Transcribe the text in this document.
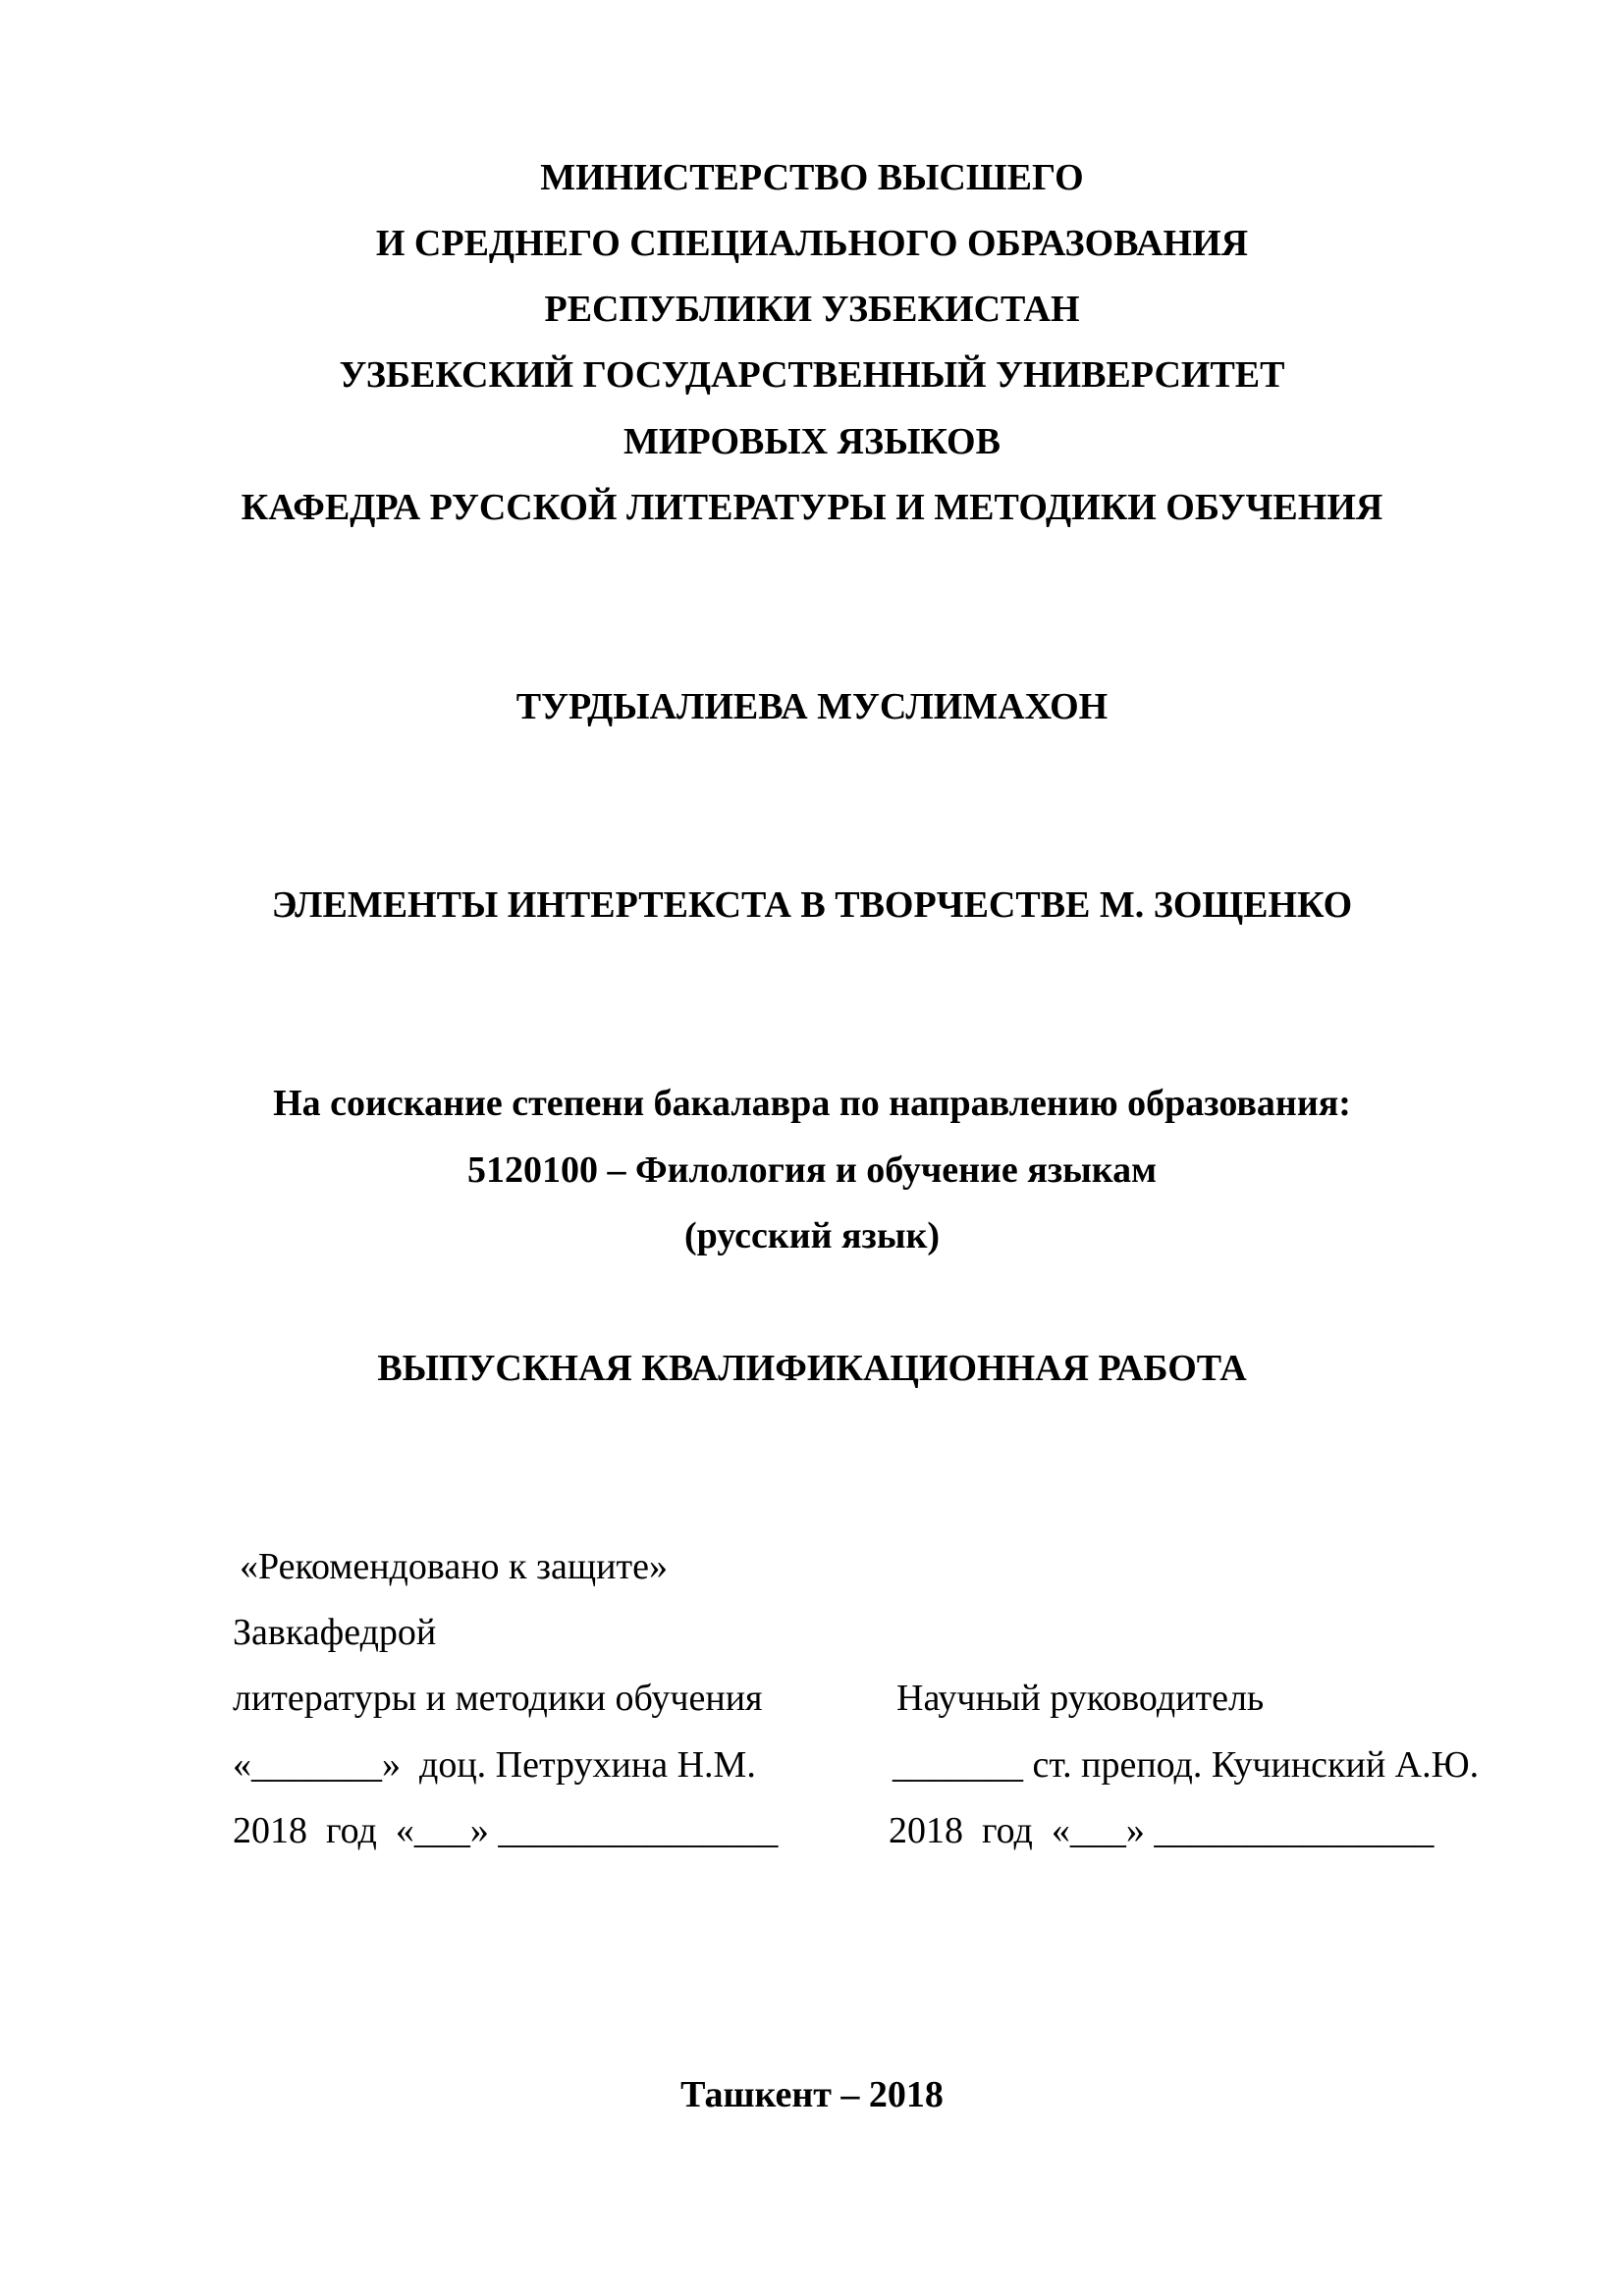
МИНИСТЕРСТВО ВЫСШЕГО
И СРЕДНЕГО СПЕЦИАЛЬНОГО ОБРАЗОВАНИЯ
РЕСПУБЛИКИ УЗБЕКИСТАН
УЗБЕКСКИЙ ГОСУДАРСТВЕННЫЙ УНИВЕРСИТЕТ
МИРОВЫХ ЯЗЫКОВ
КАФЕДРА РУССКОЙ ЛИТЕРАТУРЫ И МЕТОДИКИ ОБУЧЕНИЯ
ТУРДЫАЛИЕВА МУСЛИМАХОН
ЭЛЕМЕНТЫ ИНТЕРТЕКСТА В ТВОРЧЕСТВЕ М. ЗОЩЕНКО
На соискание степени бакалавра по направлению образования:
5120100 – Филология и обучение языкам
(русский язык)
ВЫПУСКНАЯ КВАЛИФИКАЦИОННАЯ РАБОТА
«Рекомендовано к защите»
Завкафедрой
литературы и методики обучения
«_______»  доц. Петрухина Н.М.
2018  год  «___» _______________
Научный руководитель
_______ ст. препод. Кучинский А.Ю.
2018  год  «___» _______________
Ташкент – 2018
